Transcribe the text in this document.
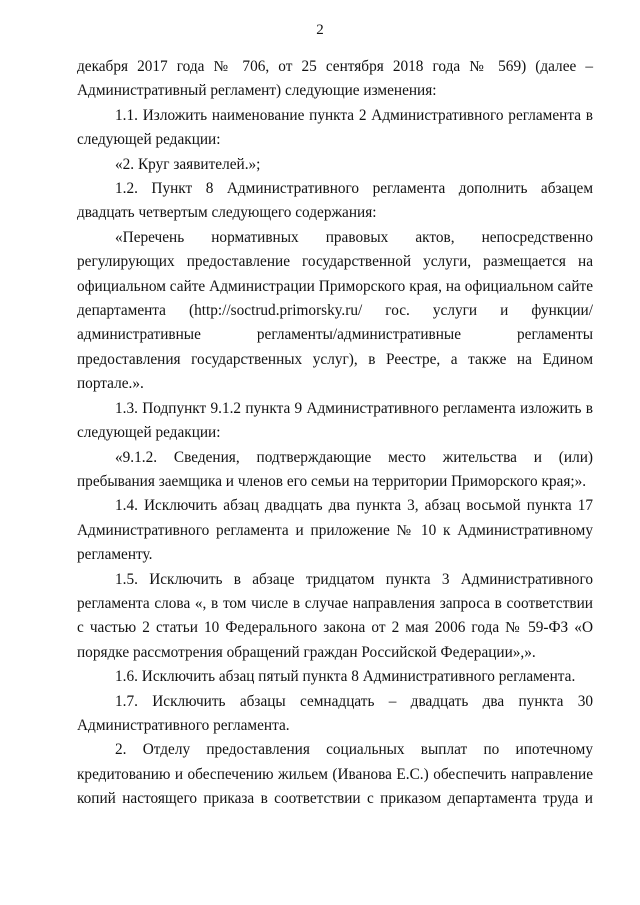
2

декабря 2017 года № 706, от 25 сентября 2018 года № 569) (далее – Административный регламент) следующие изменения:

1.1. Изложить наименование пункта 2 Административного регламента в следующей редакции:

«2. Круг заявителей.»;

1.2. Пункт 8 Административного регламента дополнить абзацем двадцать четвертым следующего содержания:

«Перечень нормативных правовых актов, непосредственно регулирующих предоставление государственной услуги, размещается на официальном сайте Администрации Приморского края, на официальном сайте департамента (http://soctrud.primorsky.ru/ гос. услуги и функции/административные регламенты/административные регламенты предоставления государственных услуг), в Реестре, а также на Едином портале.».

1.3. Подпункт 9.1.2 пункта 9 Административного регламента изложить в следующей редакции:

«9.1.2. Сведения, подтверждающие место жительства и (или) пребывания заемщика и членов его семьи на территории Приморского края;».

1.4. Исключить абзац двадцать два пункта 3, абзац восьмой пункта 17 Административного регламента и приложение № 10 к Административному регламенту.

1.5. Исключить в абзаце тридцатом пункта 3 Административного регламента слова «, в том числе в случае направления запроса в соответствии с частью 2 статьи 10 Федерального закона от 2 мая 2006 года № 59-ФЗ «О порядке рассмотрения обращений граждан Российской Федерации»,».

1.6. Исключить абзац пятый пункта 8 Административного регламента.

1.7. Исключить абзацы семнадцать – двадцать два пункта 30 Административного регламента.

2. Отделу предоставления социальных выплат по ипотечному кредитованию и обеспечению жильем (Иванова Е.С.) обеспечить направление копий настоящего приказа в соответствии с приказом департамента труда и
